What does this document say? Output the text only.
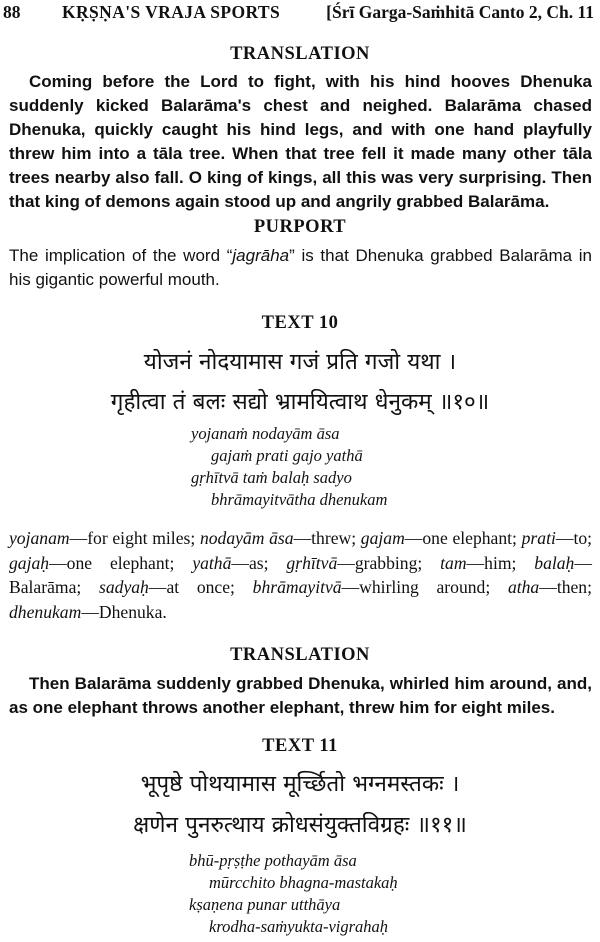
88 KṚṢṆA'S VRAJA SPORTS	[Śrī Garga-Saṁhitā Canto 2, Ch. 11
TRANSLATION

Coming before the Lord to fight, with his hind hooves Dhenuka suddenly kicked Balarāma's chest and neighed. Balarāma chased Dhenuka, quickly caught his hind legs, and with one hand playfully threw him into a tāla tree. When that tree fell it made many other tāla trees nearby also fall. O king of kings, all this was very surprising. Then that king of demons again stood up and angrily grabbed Balarāma.

PURPORT

The implication of the word “jagrāha” is that Dhenuka grabbed Balarāma in his gigantic powerful mouth.

TEXT 10
योजनं नोदयामास गजं प्रति गजो यथा ।
गृहीत्वा तं बलः सद्यो भ्रामयित्वाथ धेनुकम् ॥१०॥
yojanaṁ nodayām āsa
gajaṁ prati gajo yathā
gṛhītvā taṁ balaḥ sadyo
bhrāmayitvātha dhenukam

yojanam—for eight miles; nodayām āsa—threw; gajam—one elephant; prati—to; gajaḥ—one elephant; yathā—as; gṛhītvā—grabbing; tam—him; balaḥ—Balarāma; sadyaḥ—at once; bhrāmayitvā—whirling around; atha—then; dhenukam—Dhenuka.

TRANSLATION

Then Balarāma suddenly grabbed Dhenuka, whirled him around, and, as one elephant throws another elephant, threw him for eight miles.

TEXT 11
भूपृष्ठे पोथयामास मूर्च्छितो भग्नमस्तकः ।
क्षणेन पुनरुत्थाय क्रोधसंयुक्तविग्रहः ॥११॥
bhū-pṛṣṭhe pothayām āsa
mūrcchito bhagna-mastakaḥ
kṣaṇena punar utthāya
krodha-saṁyukta-vigrahaḥ
